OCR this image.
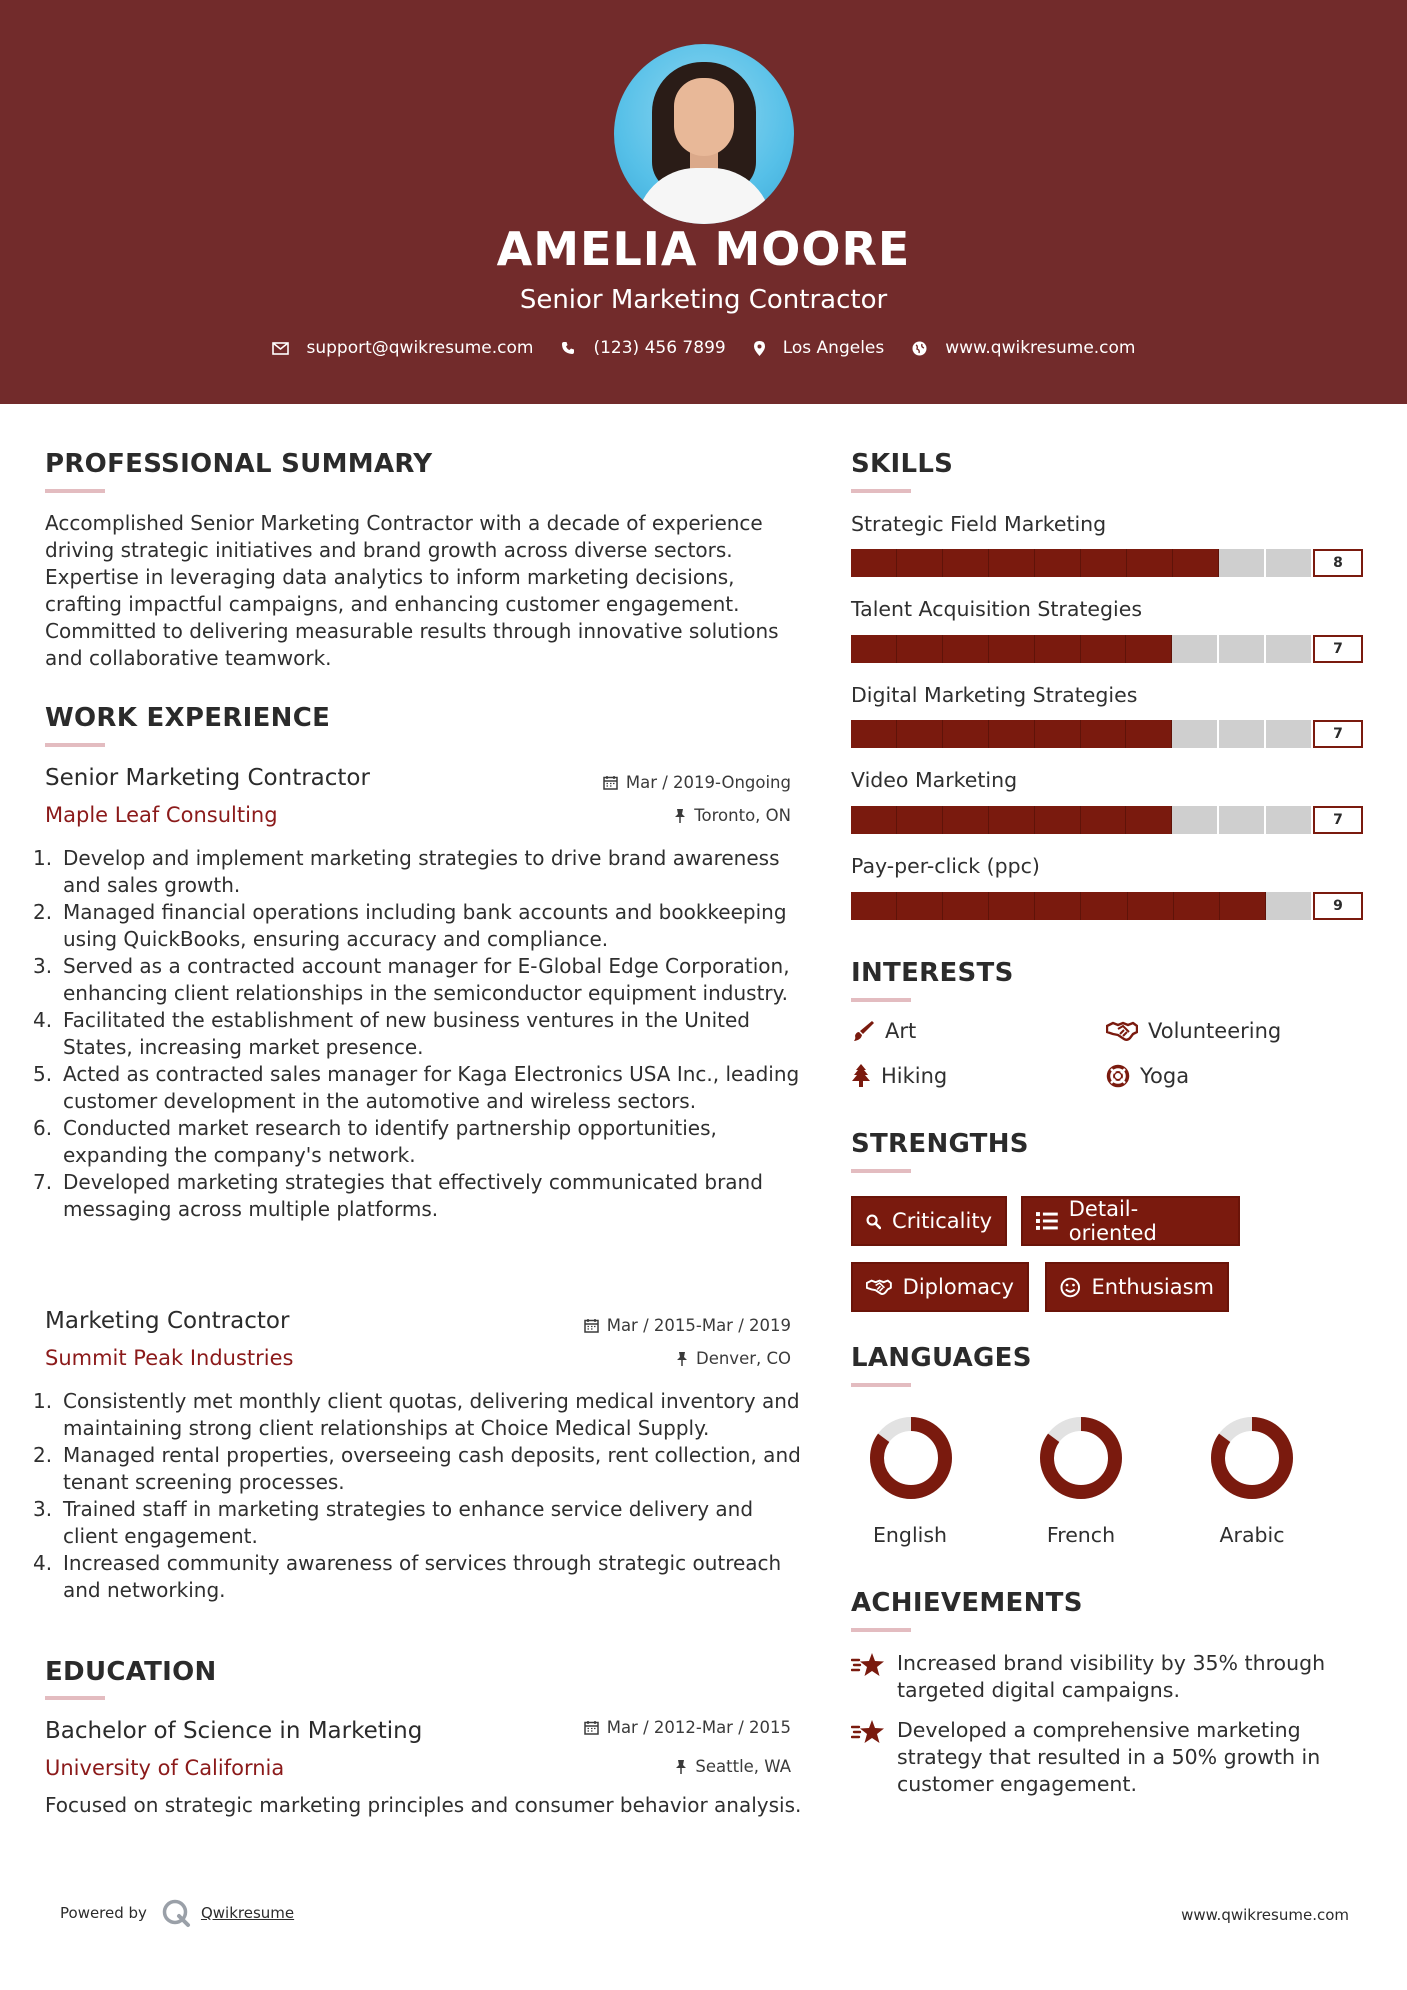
AMELIA MOORE
Senior Marketing Contractor
support@qwikresume.com	(123) 456 7899	Los Angeles	www.qwikresume.com
PROFESSIONAL SUMMARY
Accomplished Senior Marketing Contractor with a decade of experience driving strategic initiatives and brand growth across diverse sectors. Expertise in leveraging data analytics to inform marketing decisions, crafting impactful campaigns, and enhancing customer engagement. Committed to delivering measurable results through innovative solutions and collaborative teamwork.
WORK EXPERIENCE
Senior Marketing Contractor	Mar / 2019-Ongoing
Maple Leaf Consulting	Toronto, ON
1. Develop and implement marketing strategies to drive brand awareness and sales growth.
2. Managed financial operations including bank accounts and bookkeeping using QuickBooks, ensuring accuracy and compliance.
3. Served as a contracted account manager for E-Global Edge Corporation, enhancing client relationships in the semiconductor equipment industry.
4. Facilitated the establishment of new business ventures in the United States, increasing market presence.
5. Acted as contracted sales manager for Kaga Electronics USA Inc., leading customer development in the automotive and wireless sectors.
6. Conducted market research to identify partnership opportunities, expanding the company's network.
7. Developed marketing strategies that effectively communicated brand messaging across multiple platforms.
Marketing Contractor	Mar / 2015-Mar / 2019
Summit Peak Industries	Denver, CO
1. Consistently met monthly client quotas, delivering medical inventory and maintaining strong client relationships at Choice Medical Supply.
2. Managed rental properties, overseeing cash deposits, rent collection, and tenant screening processes.
3. Trained staff in marketing strategies to enhance service delivery and client engagement.
4. Increased community awareness of services through strategic outreach and networking.
EDUCATION
Bachelor of Science in Marketing	Mar / 2012-Mar / 2015
University of California	Seattle, WA
Focused on strategic marketing principles and consumer behavior analysis.
SKILLS
Strategic Field Marketing
8
Talent Acquisition Strategies
7
Digital Marketing Strategies
7
Video Marketing
7
Pay-per-click (ppc)
9
INTERESTS
Art	Volunteering
Hiking	Yoga
STRENGTHS
Criticality	Detail-oriented
Diplomacy	Enthusiasm
LANGUAGES
English	French	Arabic
ACHIEVEMENTS
Increased brand visibility by 35% through targeted digital campaigns.
Developed a comprehensive marketing strategy that resulted in a 50% growth in customer engagement.
Powered by	Qwikresume	www.qwikresume.com
